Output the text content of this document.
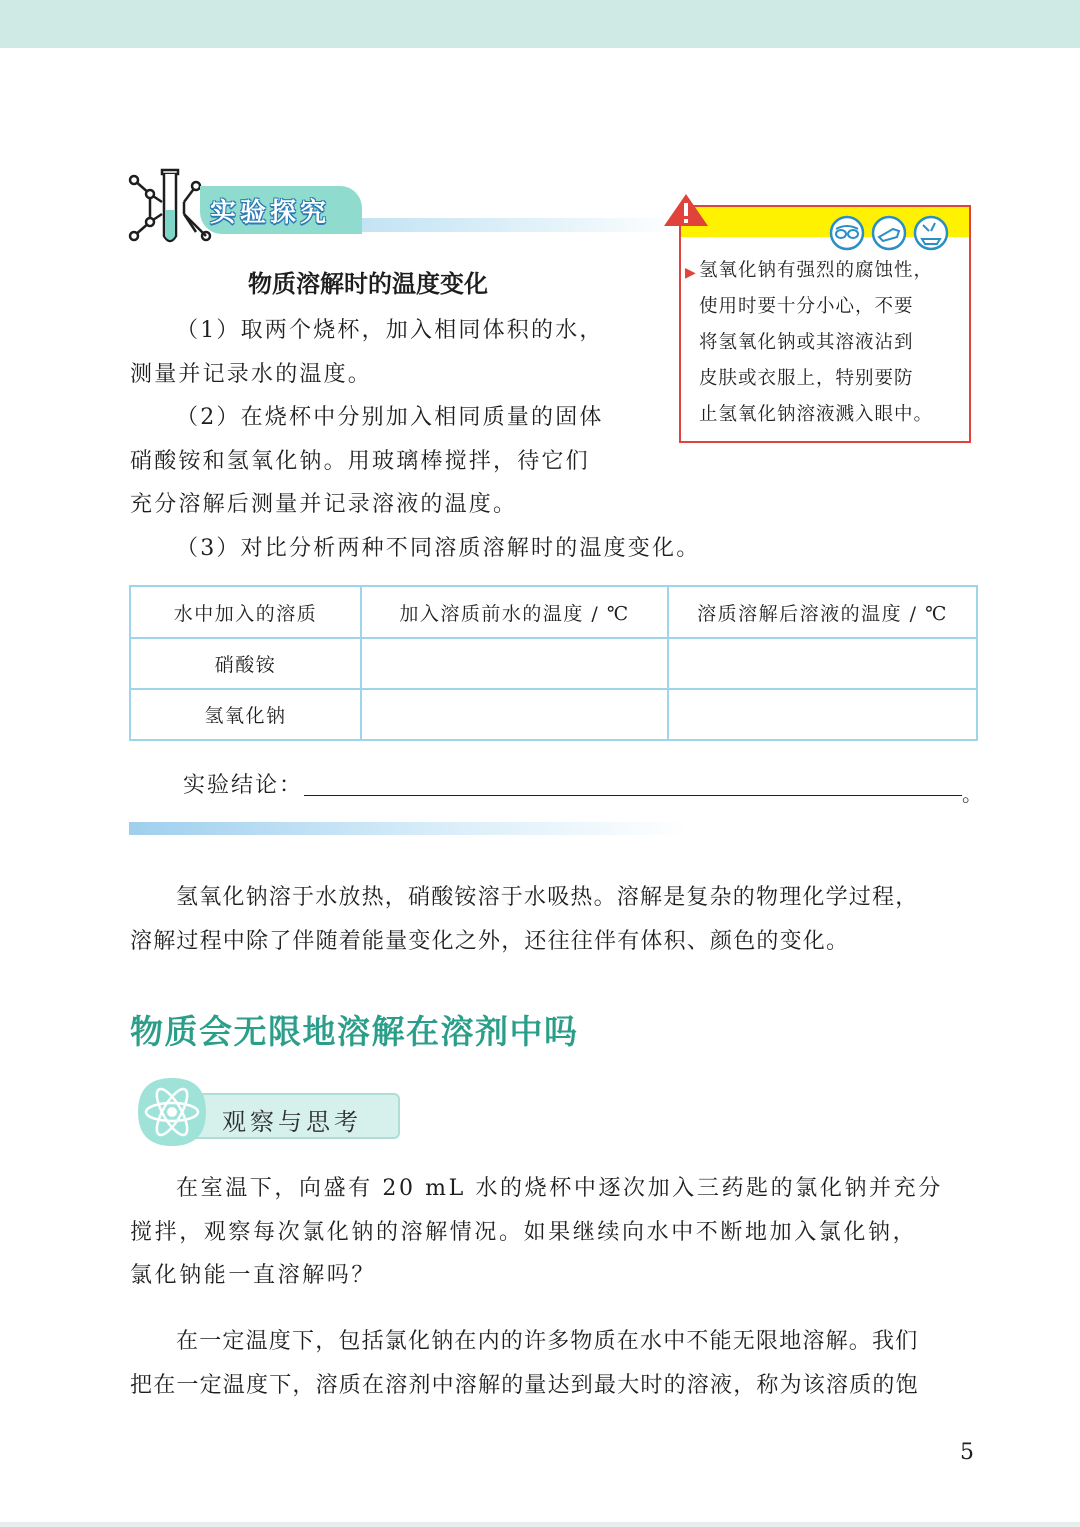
实验探究
物质溶解时的温度变化
（1）取两个烧杯，加入相同体积的水，
测量并记录水的温度。
（2）在烧杯中分别加入相同质量的固体
硝酸铵和氢氧化钠。用玻璃棒搅拌，待它们
充分溶解后测量并记录溶液的温度。
（3）对比分析两种不同溶质溶解时的温度变化。
▶ 氢氧化钠有强烈的腐蚀性，
使用时要十分小心，不要
将氢氧化钠或其溶液沾到
皮肤或衣服上，特别要防
止氢氧化钠溶液溅入眼中。
水中加入的溶质	加入溶质前水的温度 / ℃	溶质溶解后溶液的温度 / ℃
硝酸铵		
氢氧化钠		
实验结论：	。
氢氧化钠溶于水放热，硝酸铵溶于水吸热。溶解是复杂的物理化学过程，
溶解过程中除了伴随着能量变化之外，还往往伴有体积、颜色的变化。
物质会无限地溶解在溶剂中吗
观察与思考
在室温下，向盛有 20 mL 水的烧杯中逐次加入三药匙的氯化钠并充分
搅拌，观察每次氯化钠的溶解情况。如果继续向水中不断地加入氯化钠，
氯化钠能一直溶解吗？
在一定温度下，包括氯化钠在内的许多物质在水中不能无限地溶解。我们
把在一定温度下，溶质在溶剂中溶解的量达到最大时的溶液，称为该溶质的饱
5
